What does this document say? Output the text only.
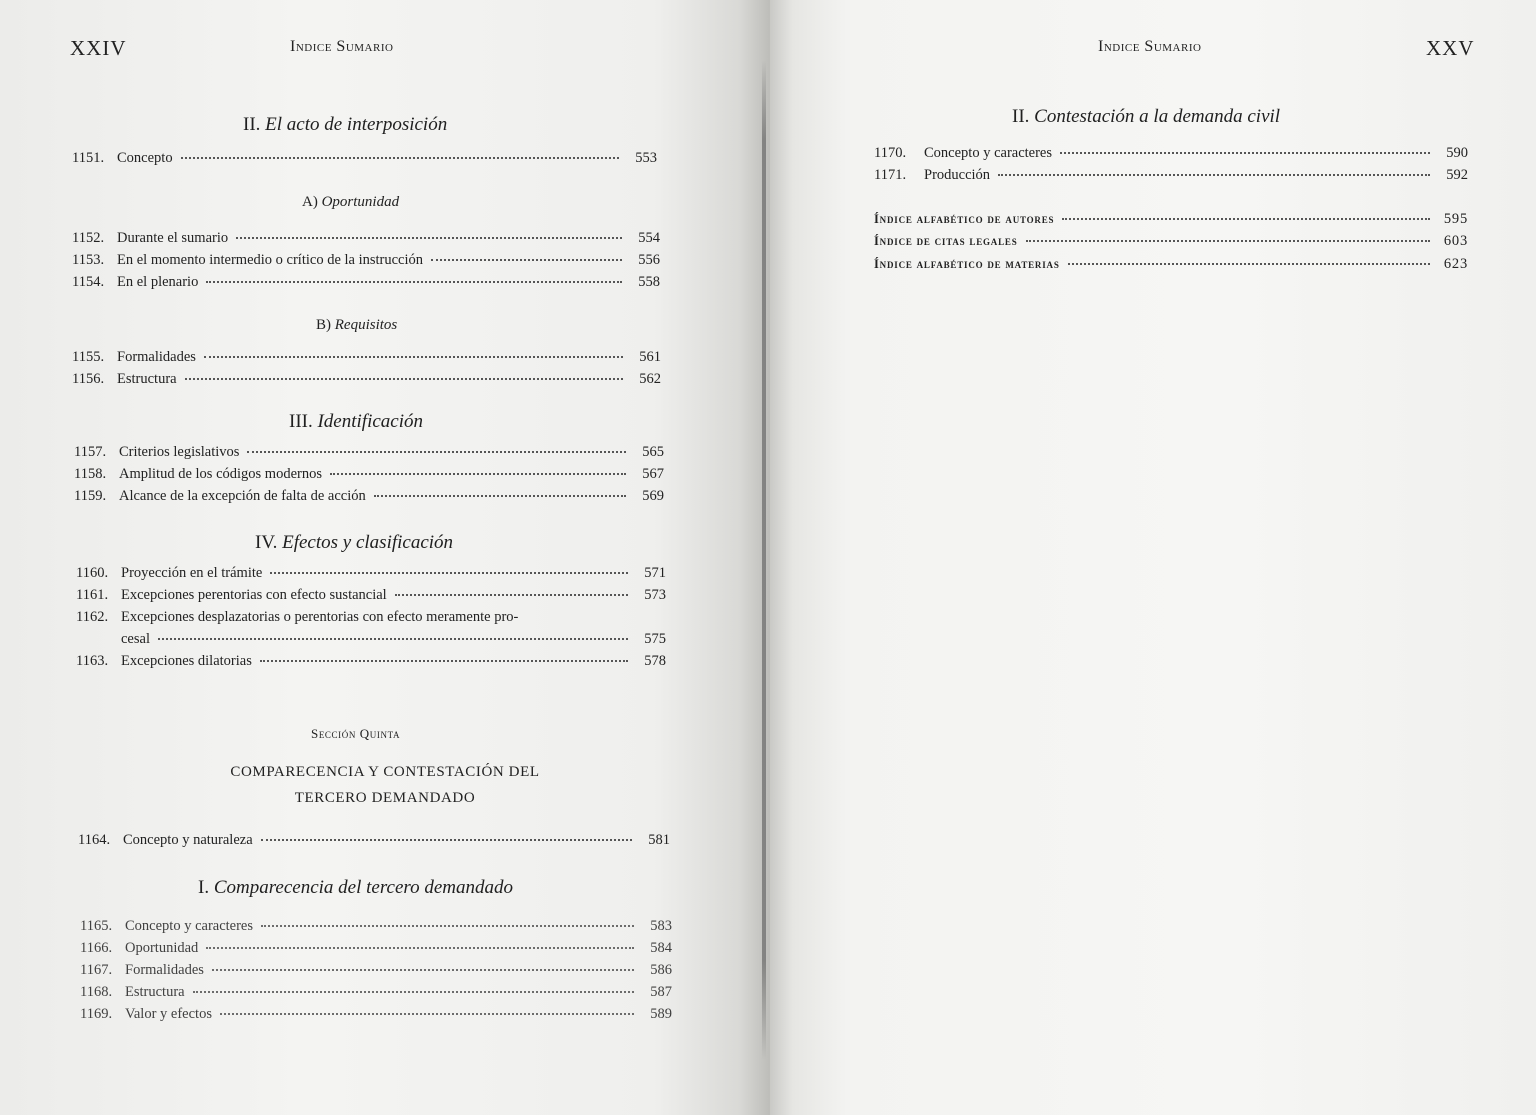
XXIV	Indice Sumario
II. El acto de interposición
1151. Concepto	553
A) Oportunidad
1152. Durante el sumario	554
1153. En el momento intermedio o crítico de la instrucción	556
1154. En el plenario	558
B) Requisitos
1155. Formalidades	561
1156. Estructura	562
III. Identificación
1157. Criterios legislativos	565
1158. Amplitud de los códigos modernos	567
1159. Alcance de la excepción de falta de acción	569
IV. Efectos y clasificación
1160. Proyección en el trámite	571
1161. Excepciones perentorias con efecto sustancial	573
1162. Excepciones desplazatorias o perentorias con efecto meramente pro-
cesal	575
1163. Excepciones dilatorias	578
Sección Quinta
COMPARECENCIA Y CONTESTACIÓN DEL
TERCERO DEMANDADO
1164. Concepto y naturaleza	581
I. Comparecencia del tercero demandado
1165. Concepto y caracteres	583
1166. Oportunidad	584
1167. Formalidades	586
1168. Estructura	587
1169. Valor y efectos	589
Indice Sumario	XXV
II. Contestación a la demanda civil
1170.	Concepto y caracteres	590
1171.	Producción	592
Índice alfabético de autores	595
Índice de citas legales	603
Índice alfabético de materias	623
